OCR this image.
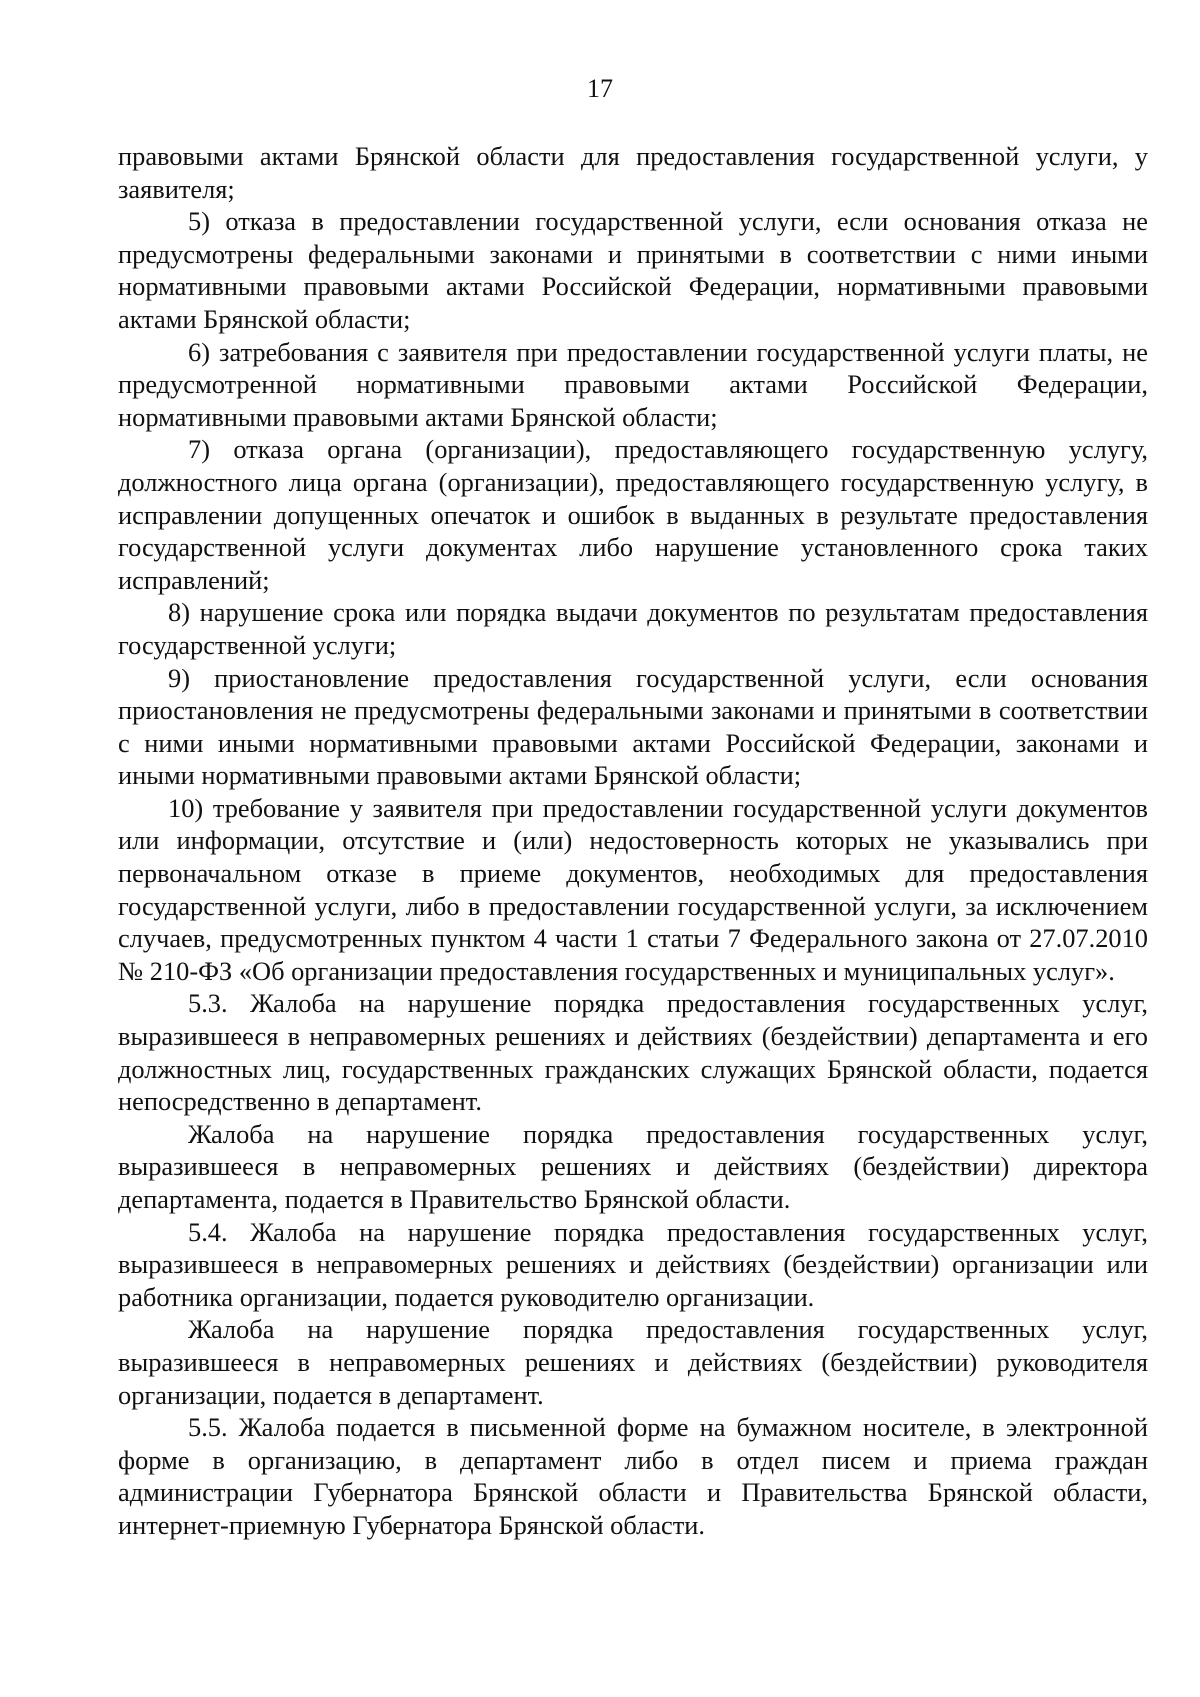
17

правовыми актами Брянской области для предоставления государственной услуги, у заявителя;

5) отказа в предоставлении государственной услуги, если основания отказа не предусмотрены федеральными законами и принятыми в соответствии с ними иными нормативными правовыми актами Российской Федерации, нормативными правовыми актами Брянской области;

6) затребования с заявителя при предоставлении государственной услуги платы, не предусмотренной нормативными правовыми актами Российской Федерации, нормативными правовыми актами Брянской области;

7) отказа органа (организации), предоставляющего государственную услугу, должностного лица органа (организации), предоставляющего государственную услугу, в исправлении допущенных опечаток и ошибок в выданных в результате предоставления государственной услуги документах либо нарушение установленного срока таких исправлений;

8) нарушение срока или порядка выдачи документов по результатам предоставления государственной услуги;

9) приостановление предоставления государственной услуги, если основания приостановления не предусмотрены федеральными законами и принятыми в соответствии с ними иными нормативными правовыми актами Российской Федерации, законами и иными нормативными правовыми актами Брянской области;

10) требование у заявителя при предоставлении государственной услуги документов или информации, отсутствие и (или) недостоверность которых не указывались при первоначальном отказе в приеме документов, необходимых для предоставления государственной услуги, либо в предоставлении государственной услуги, за исключением случаев, предусмотренных пунктом 4 части 1 статьи 7 Федерального закона от 27.07.2010 № 210-ФЗ «Об организации предоставления государственных и муниципальных услуг».

5.3. Жалоба на нарушение порядка предоставления государственных услуг, выразившееся в неправомерных решениях и действиях (бездействии) департамента и его должностных лиц, государственных гражданских служащих Брянской области, подается непосредственно в департамент.

Жалоба на нарушение порядка предоставления государственных услуг, выразившееся в неправомерных решениях и действиях (бездействии) директора департамента, подается в Правительство Брянской области.

5.4. Жалоба на нарушение порядка предоставления государственных услуг, выразившееся в неправомерных решениях и действиях (бездействии) организации или работника организации, подается руководителю организации.

Жалоба на нарушение порядка предоставления государственных услуг, выразившееся в неправомерных решениях и действиях (бездействии) руководителя организации, подается в департамент.

5.5. Жалоба подается в письменной форме на бумажном носителе, в электронной форме в организацию, в департамент либо в отдел писем и приема граждан администрации Губернатора Брянской области и Правительства Брянской области, интернет-приемную Губернатора Брянской области.
